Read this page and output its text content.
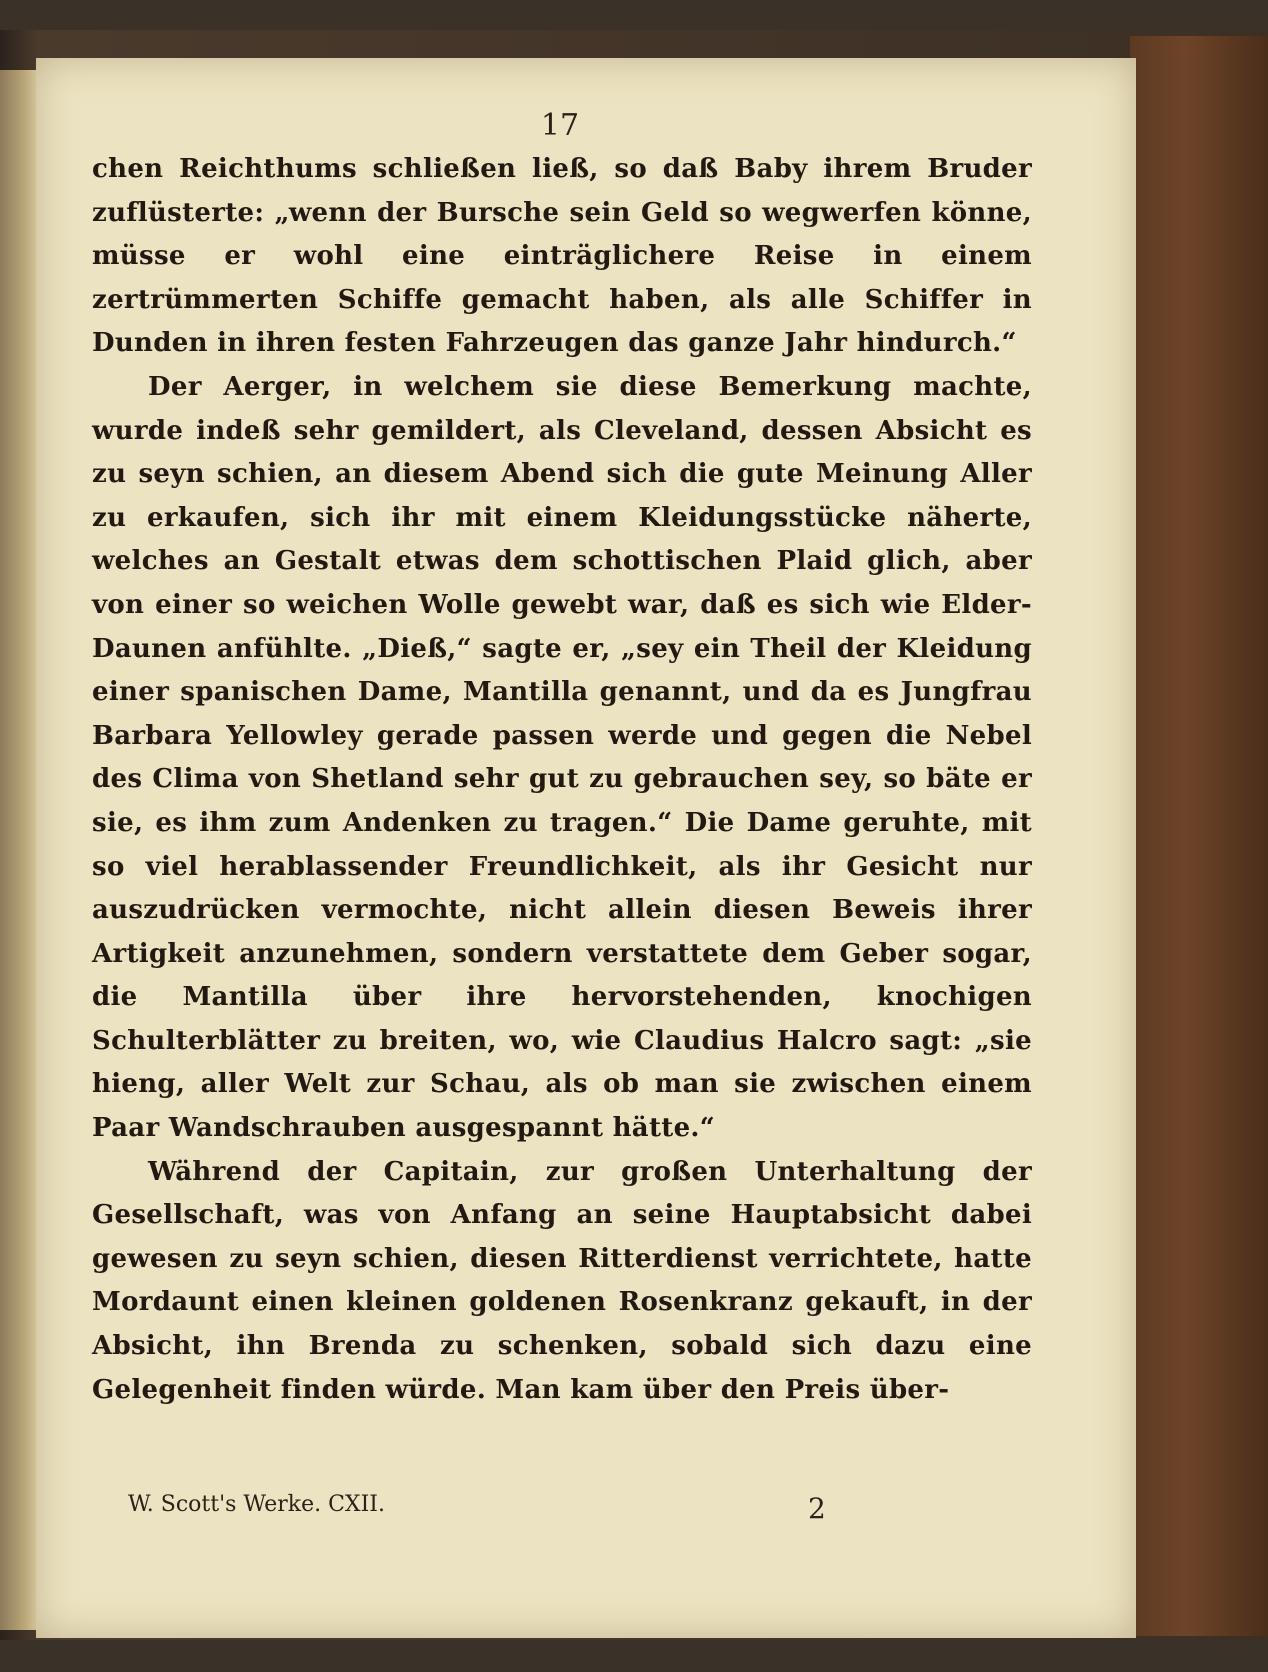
17

chen Reichthums schließen ließ, so daß Baby ihrem Bruder zuflüsterte: „wenn der Bursche sein Geld so wegwerfen könne, müsse er wohl eine einträglichere Reise in einem zertrümmerten Schiffe gemacht haben, als alle Schiffer in Dunden in ihren festen Fahrzeugen das ganze Jahr hindurch.“

Der Aerger, in welchem sie diese Bemerkung machte, wurde indeß sehr gemildert, als Cleveland, dessen Absicht es zu seyn schien, an diesem Abend sich die gute Meinung Aller zu erkaufen, sich ihr mit einem Kleidungsstücke näherte, welches an Gestalt etwas dem schottischen Plaid glich, aber von einer so weichen Wolle gewebt war, daß es sich wie Elder-Daunen anfühlte. „Dieß,“ sagte er, „sey ein Theil der Kleidung einer spanischen Dame, Mantilla genannt, und da es Jungfrau Barbara Yellowley gerade passen werde und gegen die Nebel des Clima von Shetland sehr gut zu gebrauchen sey, so bäte er sie, es ihm zum Andenken zu tragen.“ Die Dame geruhte, mit so viel herablassender Freundlichkeit, als ihr Gesicht nur auszudrücken vermochte, nicht allein diesen Beweis ihrer Artigkeit anzunehmen, sondern verstattete dem Geber sogar, die Mantilla über ihre hervorstehenden, knochigen Schulterblätter zu breiten, wo, wie Claudius Halcro sagt: „sie hieng, aller Welt zur Schau, als ob man sie zwischen einem Paar Wandschrauben ausgespannt hätte.“

Während der Capitain, zur großen Unterhaltung der Gesellschaft, was von Anfang an seine Hauptabsicht dabei gewesen zu seyn schien, diesen Ritterdienst verrichtete, hatte Mordaunt einen kleinen goldenen Rosenkranz gekauft, in der Absicht, ihn Brenda zu schenken, sobald sich dazu eine Gelegenheit finden würde. Man kam über den Preis über-

W. Scott's Werke. CXII.	2
